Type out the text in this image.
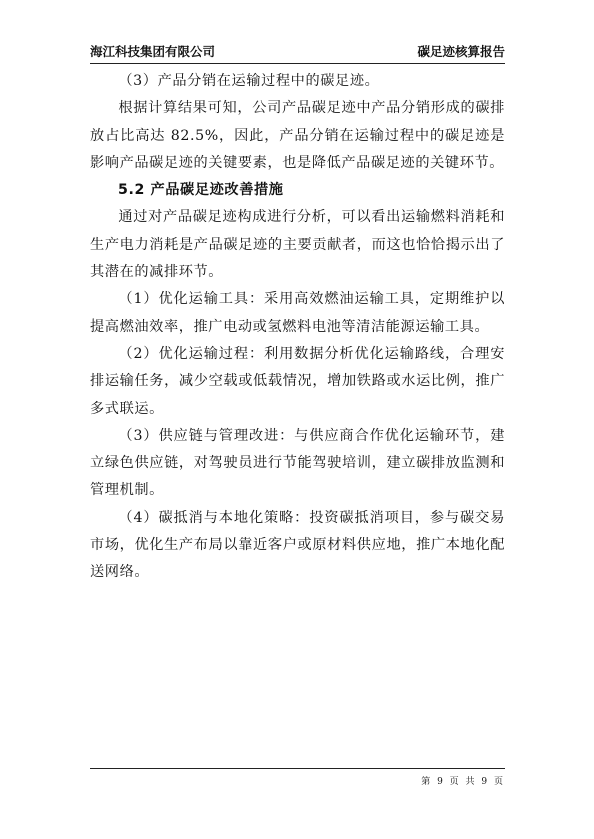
海江科技集团有限公司	碳足迹核算报告

（3）产品分销在运输过程中的碳足迹。

根据计算结果可知，公司产品碳足迹中产品分销形成的碳排放占比高达 82.5%，因此，产品分销在运输过程中的碳足迹是影响产品碳足迹的关键要素，也是降低产品碳足迹的关键环节。

5.2 产品碳足迹改善措施

通过对产品碳足迹构成进行分析，可以看出运输燃料消耗和生产电力消耗是产品碳足迹的主要贡献者，而这也恰恰揭示出了其潜在的减排环节。

（1）优化运输工具：采用高效燃油运输工具，定期维护以提高燃油效率，推广电动或氢燃料电池等清洁能源运输工具。

（2）优化运输过程：利用数据分析优化运输路线，合理安排运输任务，减少空载或低载情况，增加铁路或水运比例，推广多式联运。

（3）供应链与管理改进：与供应商合作优化运输环节，建立绿色供应链，对驾驶员进行节能驾驶培训，建立碳排放监测和管理机制。

（4）碳抵消与本地化策略：投资碳抵消项目，参与碳交易市场，优化生产布局以靠近客户或原材料供应地，推广本地化配送网络。

第 9 页 共 9 页
